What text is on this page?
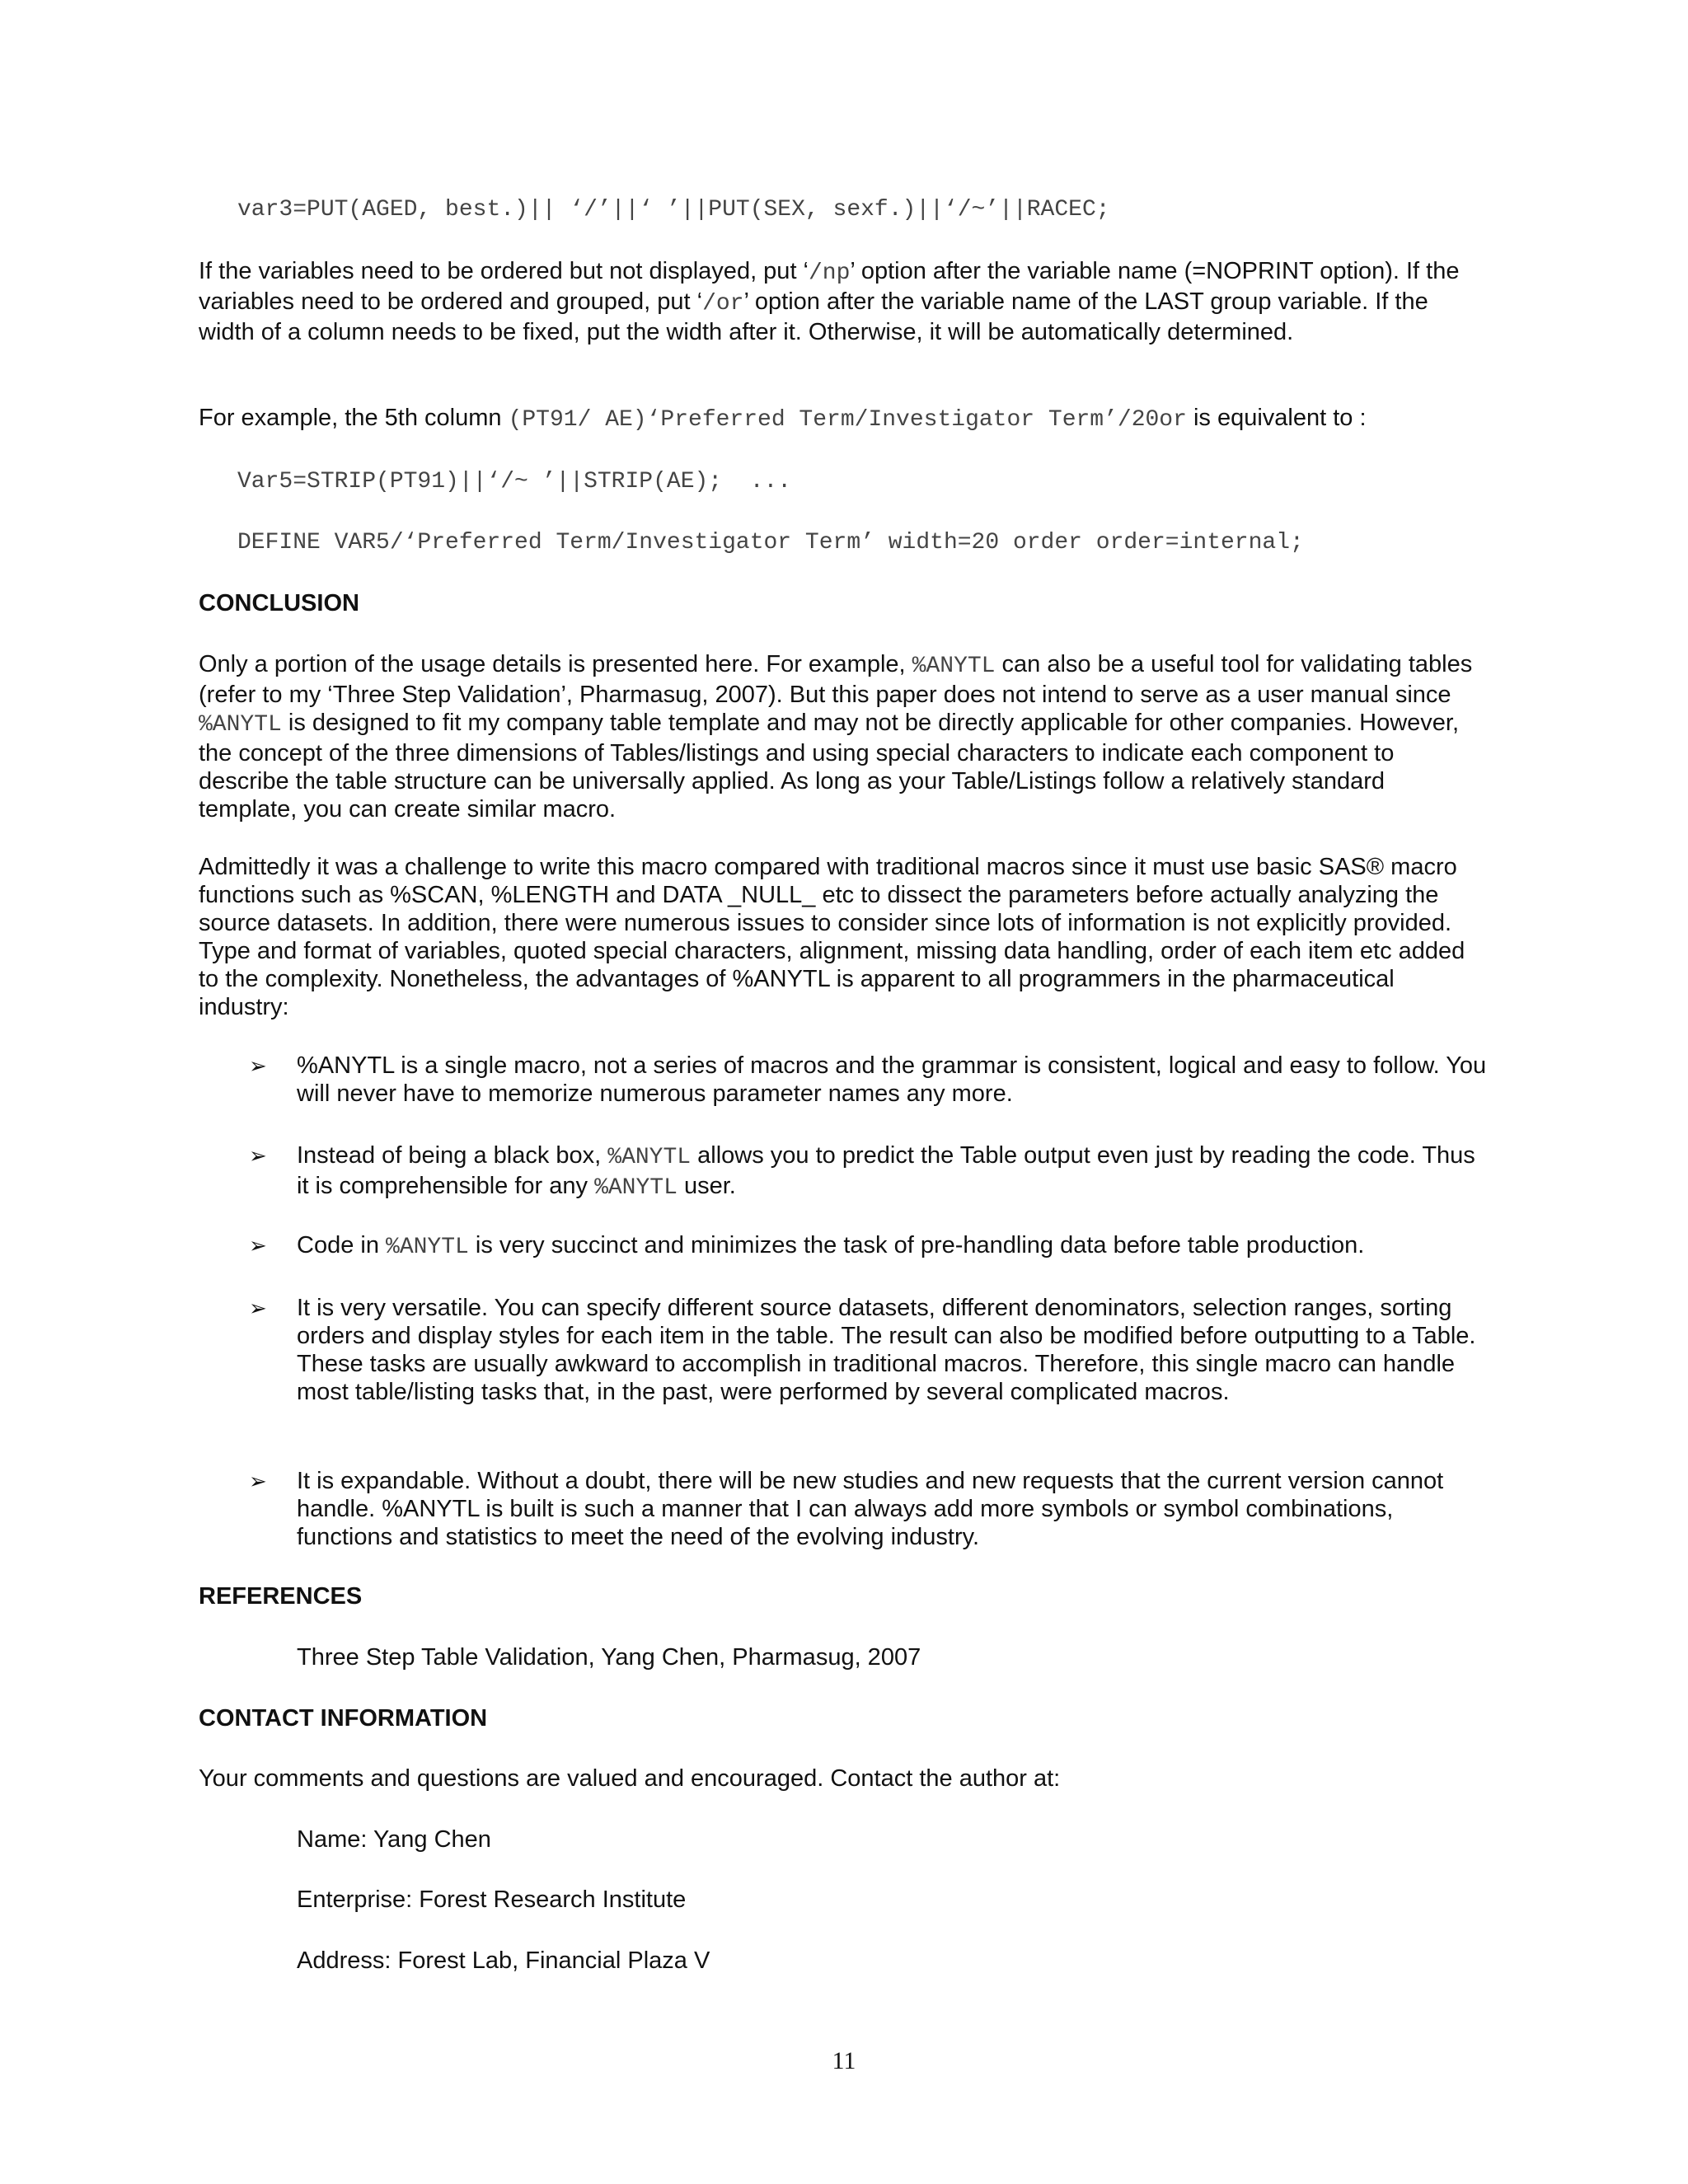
var3=PUT(AGED, best.)|| ‘/’||‘ ’||PUT(SEX, sexf.)||‘/~’||RACEC;

If the variables need to be ordered but not displayed, put ‘/np’ option after the variable name (=NOPRINT option). If the variables need to be ordered and grouped, put ‘/or’ option after the variable name of the LAST group variable. If the width of a column needs to be fixed, put the width after it. Otherwise, it will be automatically determined.

For example, the 5th column (PT91/ AE)‘Preferred Term/Investigator Term’/20or is equivalent to :

Var5=STRIP(PT91)||‘/~ ’||STRIP(AE);  ...
DEFINE VAR5/‘Preferred Term/Investigator Term’ width=20 order order=internal;
CONCLUSION

Only a portion of the usage details is presented here. For example, %ANYTL can also be a useful tool for validating tables (refer to my ‘Three Step Validation’, Pharmasug, 2007). But this paper does not intend to serve as a user manual since %ANYTL is designed to fit my company table template and may not be directly applicable for other companies. However, the concept of the three dimensions of Tables/listings and using special characters to indicate each component to describe the table structure can be universally applied. As long as your Table/Listings follow a relatively standard template, you can create similar macro.

Admittedly it was a challenge to write this macro compared with traditional macros since it must use basic SAS® macro functions such as %SCAN, %LENGTH and DATA _NULL_ etc to dissect the parameters before actually analyzing the source datasets. In addition, there were numerous issues to consider since lots of information is not explicitly provided. Type and format of variables, quoted special characters, alignment, missing data handling, order of each item etc added to the complexity. Nonetheless, the advantages of %ANYTL is apparent to all programmers in the pharmaceutical industry:

➢ %ANYTL is a single macro, not a series of macros and the grammar is consistent, logical and easy to follow. You will never have to memorize numerous parameter names any more.
➢ Instead of being a black box, %ANYTL allows you to predict the Table output even just by reading the code. Thus it is comprehensible for any %ANYTL user.
➢ Code in %ANYTL is very succinct and minimizes the task of pre-handling data before table production.
➢ It is very versatile. You can specify different source datasets, different denominators, selection ranges, sorting orders and display styles for each item in the table. The result can also be modified before outputting to a Table. These tasks are usually awkward to accomplish in traditional macros. Therefore, this single macro can handle most table/listing tasks that, in the past, were performed by several complicated macros.
➢ It is expandable. Without a doubt, there will be new studies and new requests that the current version cannot handle. %ANYTL is built is such a manner that I can always add more symbols or symbol combinations, functions and statistics to meet the need of the evolving industry.
REFERENCES
Three Step Table Validation, Yang Chen, Pharmasug, 2007
CONTACT INFORMATION
Your comments and questions are valued and encouraged. Contact the author at:
Name: Yang Chen
Enterprise: Forest Research Institute
Address: Forest Lab, Financial Plaza V
11
